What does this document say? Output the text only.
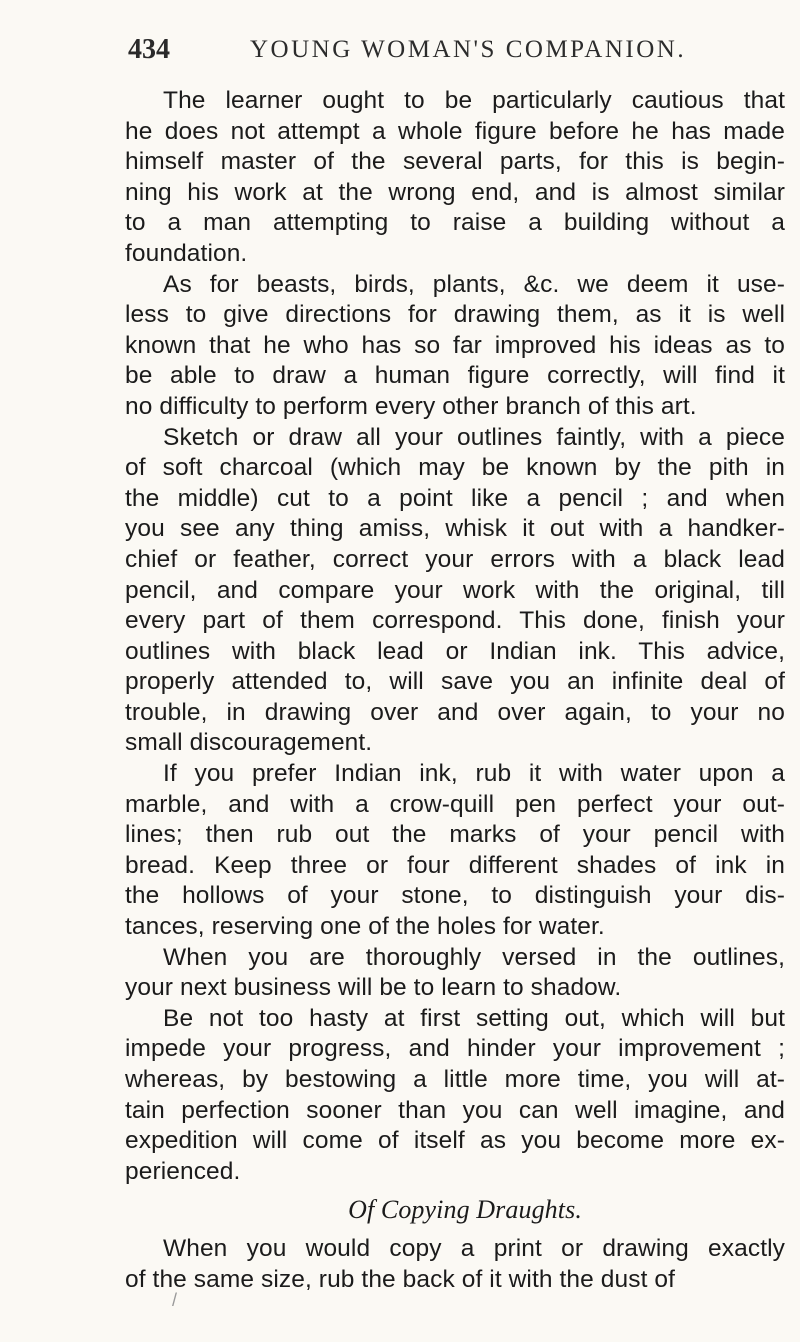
434	YOUNG WOMAN'S COMPANION.
The learner ought to be particularly cautious that
he does not attempt a whole figure before he has made
himself master of the several parts, for this is begin-
ning his work at the wrong end, and is almost similar
to a man attempting to raise a building without a
foundation.
As for beasts, birds, plants, &c. we deem it use-
less to give directions for drawing them, as it is well
known that he who has so far improved his ideas as to
be able to draw a human figure correctly, will find it
no difficulty to perform every other branch of this art.
Sketch or draw all your outlines faintly, with a piece
of soft charcoal (which may be known by the pith in
the middle) cut to a point like a pencil ; and when
you see any thing amiss, whisk it out with a handker-
chief or feather, correct your errors with a black lead
pencil, and compare your work with the original, till
every part of them correspond. This done, finish your
outlines with black lead or Indian ink. This advice,
properly attended to, will save you an infinite deal of
trouble, in drawing over and over again, to your no
small discouragement.
If you prefer Indian ink, rub it with water upon a
marble, and with a crow-quill pen perfect your out-
lines; then rub out the marks of your pencil with
bread. Keep three or four different shades of ink in
the hollows of your stone, to distinguish your dis-
tances, reserving one of the holes for water.
When you are thoroughly versed in the outlines,
your next business will be to learn to shadow.
Be not too hasty at first setting out, which will but
impede your progress, and hinder your improvement ;
whereas, by bestowing a little more time, you will at-
tain perfection sooner than you can well imagine, and
expedition will come of itself as you become more ex-
perienced.
Of Copying Draughts.
When you would copy a print or drawing exactly
of the same size, rub the back of it with the dust of
/
